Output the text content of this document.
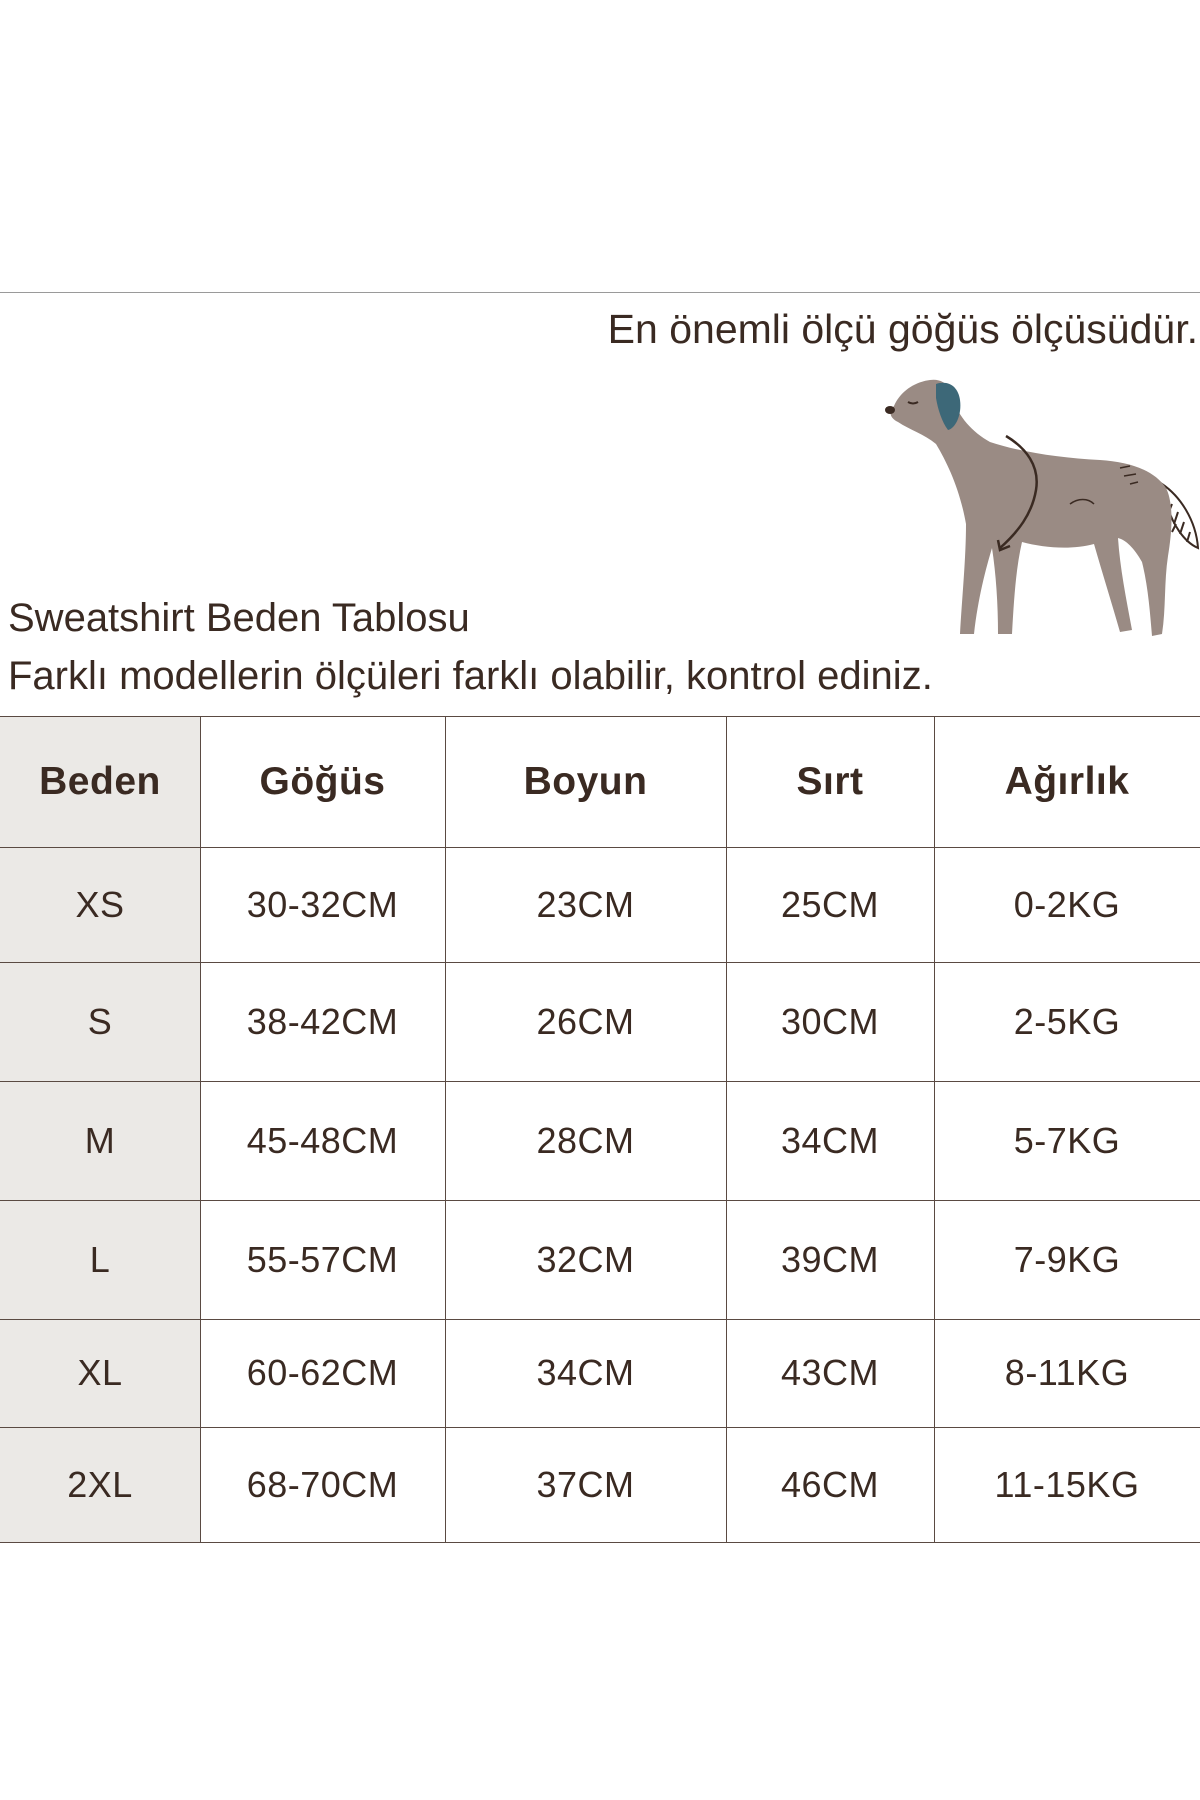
En önemli ölçü göğüs ölçüsüdür.
Sweatshirt Beden Tablosu
Farklı modellerin ölçüleri farklı olabilir, kontrol ediniz.
Beden	Göğüs	Boyun	Sırt	Ağırlık
XS	30-32CM	23CM	25CM	0-2KG
S	38-42CM	26CM	30CM	2-5KG
M	45-48CM	28CM	34CM	5-7KG
L	55-57CM	32CM	39CM	7-9KG
XL	60-62CM	34CM	43CM	8-11KG
2XL	68-70CM	37CM	46CM	11-15KG
